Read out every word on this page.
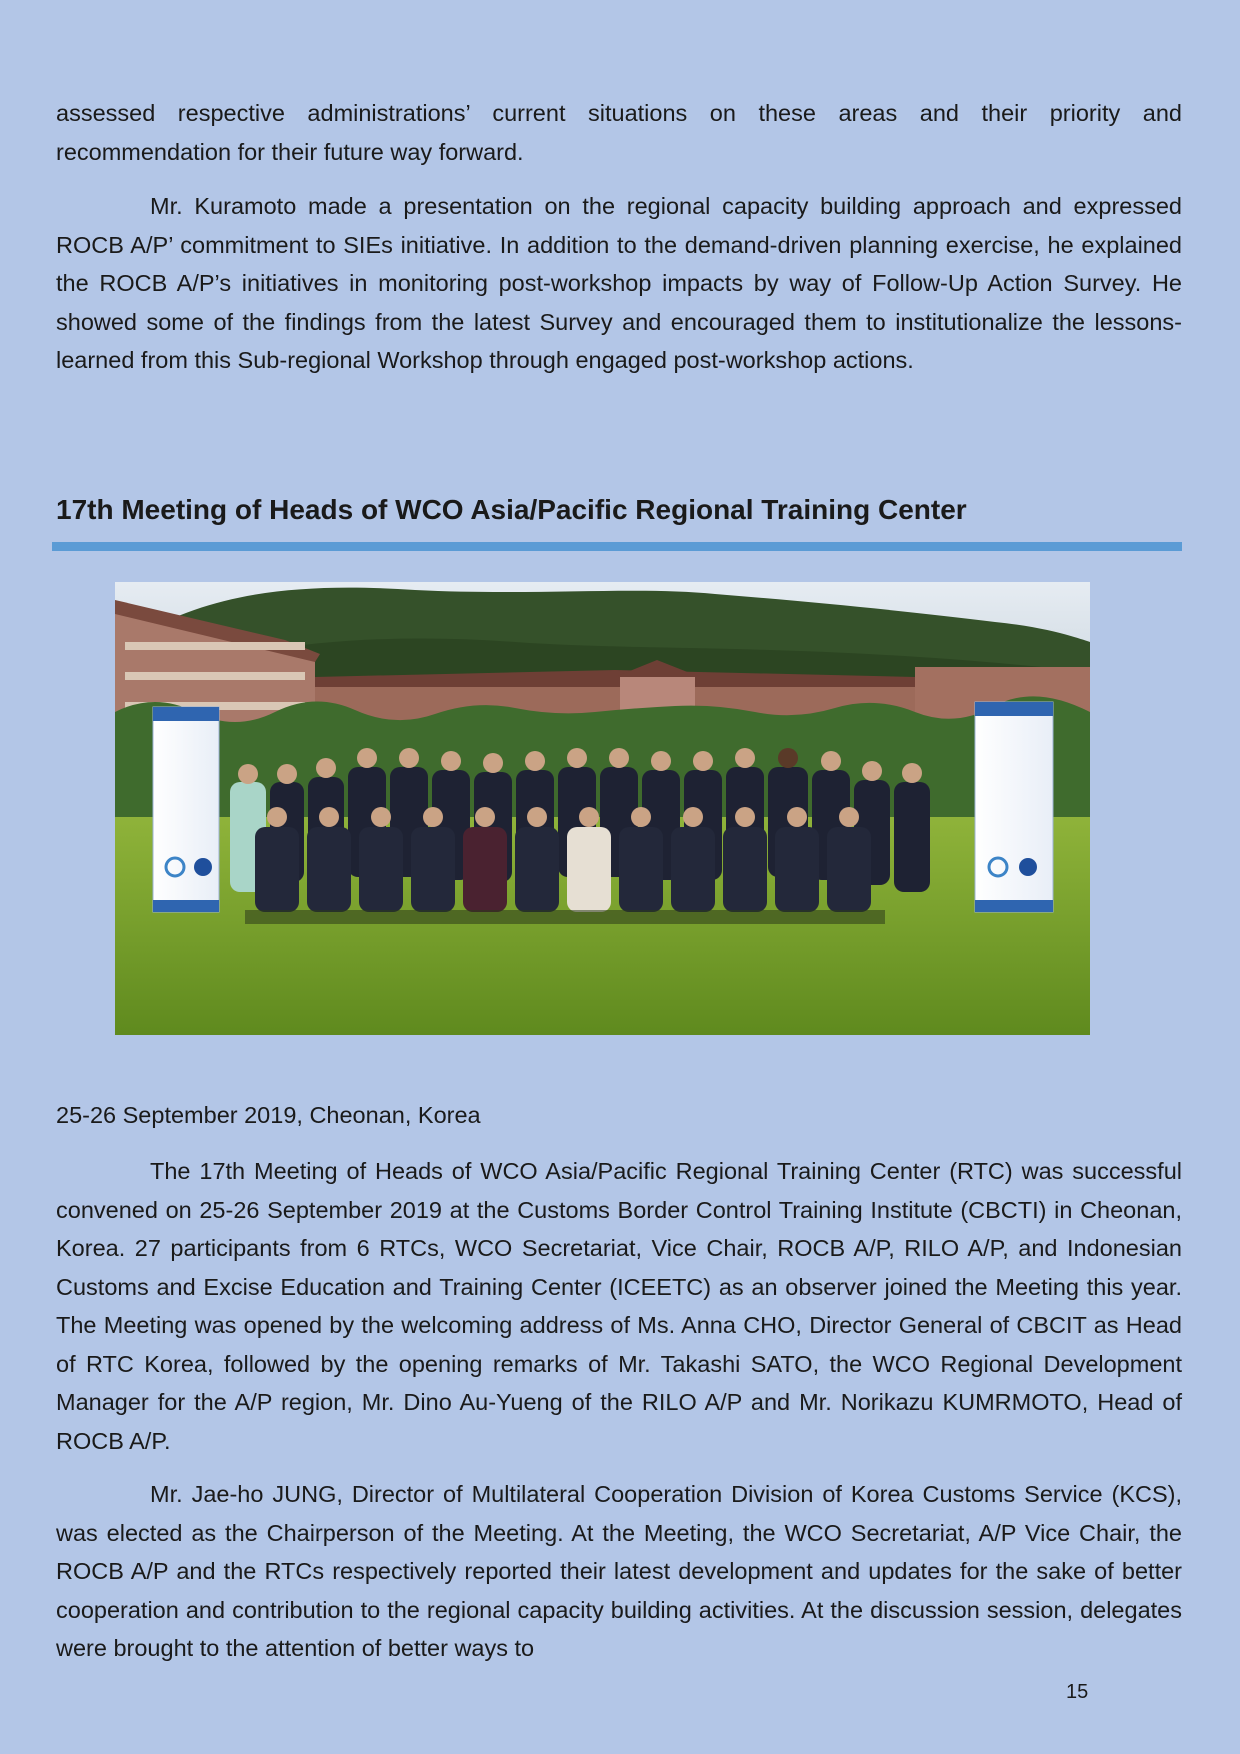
assessed respective administrations’ current situations on these areas and their priority and recommendation for their future way forward.

Mr. Kuramoto made a presentation on the regional capacity building approach and expressed ROCB A/P’ commitment to SIEs initiative. In addition to the demand-driven planning exercise, he explained the ROCB A/P’s initiatives in monitoring post-workshop impacts by way of Follow-Up Action Survey. He showed some of the findings from the latest Survey and encouraged them to institutionalize the lessons-learned from this Sub-regional Workshop through engaged post-workshop actions.

17th Meeting of Heads of WCO Asia/Pacific Regional Training Center

25-26 September 2019, Cheonan, Korea

The 17th Meeting of Heads of WCO Asia/Pacific Regional Training Center (RTC) was successful convened on 25-26 September 2019 at the Customs Border Control Training Institute (CBCTI) in Cheonan, Korea. 27 participants from 6 RTCs, WCO Secretariat, Vice Chair, ROCB A/P, RILO A/P, and Indonesian Customs and Excise Education and Training Center (ICEETC) as an observer joined the Meeting this year. The Meeting was opened by the welcoming address of Ms. Anna CHO, Director General of CBCIT as Head of RTC Korea, followed by the opening remarks of Mr. Takashi SATO, the WCO Regional Development Manager for the A/P region, Mr. Dino Au-Yueng of the RILO A/P and Mr. Norikazu KUMRMOTO, Head of ROCB A/P.

Mr. Jae-ho JUNG, Director of Multilateral Cooperation Division of Korea Customs Service (KCS), was elected as the Chairperson of the Meeting. At the Meeting, the WCO Secretariat, A/P Vice Chair, the ROCB A/P and the RTCs respectively reported their latest development and updates for the sake of better cooperation and contribution to the regional capacity building activities. At the discussion session, delegates were brought to the attention of better ways to

15
